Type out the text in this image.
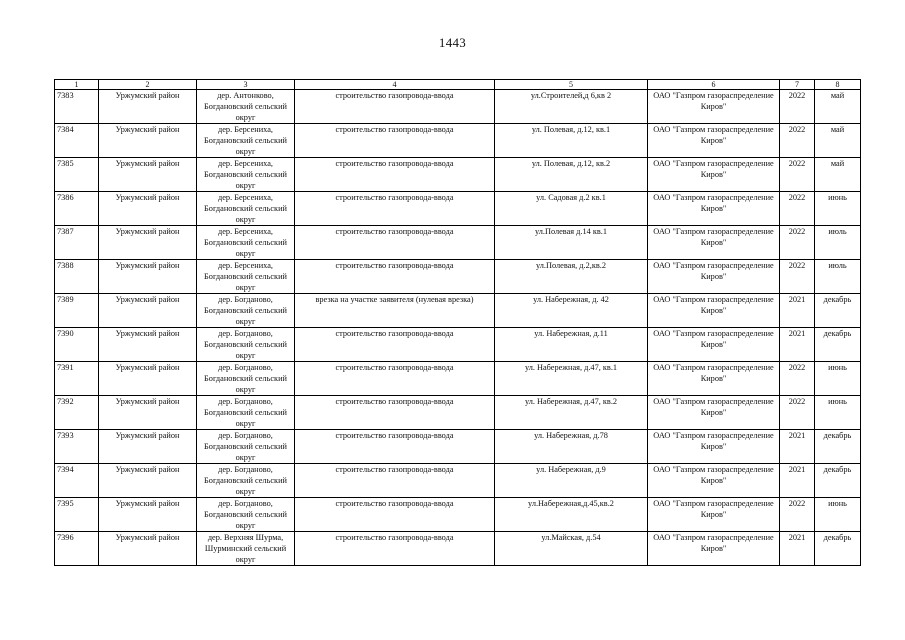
1443
1	2	3	4	5	6	7	8
7383	Уржумский район	дер. Антонково,
Богдановский сельский
округ	строительство газопровода-ввода	ул.Строителей,д 6,кв 2	ОАО "Газпром газораспределение
Киров"	2022	май
7384	Уржумский район	дер. Берсениха,
Богдановский сельский
округ	строительство газопровода-ввода	ул. Полевая, д.12, кв.1	ОАО "Газпром газораспределение
Киров"	2022	май
7385	Уржумский район	дер. Берсениха,
Богдановский сельский
округ	строительство газопровода-ввода	ул. Полевая, д.12, кв.2	ОАО "Газпром газораспределение
Киров"	2022	май
7386	Уржумский район	дер. Берсениха,
Богдановский сельский
округ	строительство газопровода-ввода	ул. Садовая д.2 кв.1	ОАО "Газпром газораспределение
Киров"	2022	июнь
7387	Уржумский район	дер. Берсениха,
Богдановский сельский
округ	строительство газопровода-ввода	ул.Полевая д.14 кв.1	ОАО "Газпром газораспределение
Киров"	2022	июль
7388	Уржумский район	дер. Берсениха,
Богдановский сельский
округ	строительство газопровода-ввода	ул.Полевая, д.2,кв.2	ОАО "Газпром газораспределение
Киров"	2022	июль
7389	Уржумский район	дер. Богданово,
Богдановский сельский
округ	врезка на участке заявителя (нулевая врезка)	ул. Набережная, д. 42	ОАО "Газпром газораспределение
Киров"	2021	декабрь
7390	Уржумский район	дер. Богданово,
Богдановский сельский
округ	строительство газопровода-ввода	ул. Набережная, д.11	ОАО "Газпром газораспределение
Киров"	2021	декабрь
7391	Уржумский район	дер. Богданово,
Богдановский сельский
округ	строительство газопровода-ввода	ул. Набережная, д.47, кв.1	ОАО "Газпром газораспределение
Киров"	2022	июнь
7392	Уржумский район	дер. Богданово,
Богдановский сельский
округ	строительство газопровода-ввода	ул. Набережная, д.47, кв.2	ОАО "Газпром газораспределение
Киров"	2022	июнь
7393	Уржумский район	дер. Богданово,
Богдановский сельский
округ	строительство газопровода-ввода	ул. Набережная, д.78	ОАО "Газпром газораспределение
Киров"	2021	декабрь
7394	Уржумский район	дер. Богданово,
Богдановский сельский
округ	строительство газопровода-ввода	ул. Набережная, д.9	ОАО "Газпром газораспределение
Киров"	2021	декабрь
7395	Уржумский район	дер. Богданово,
Богдановский сельский
округ	строительство газопровода-ввода	ул.Набережная,д.45,кв.2	ОАО "Газпром газораспределение
Киров"	2022	июнь
7396	Уржумский район	дер. Верхняя Шурма,
Шурминский сельский
округ	строительство газопровода-ввода	ул.Майская, д.54	ОАО "Газпром газораспределение
Киров"	2021	декабрь
